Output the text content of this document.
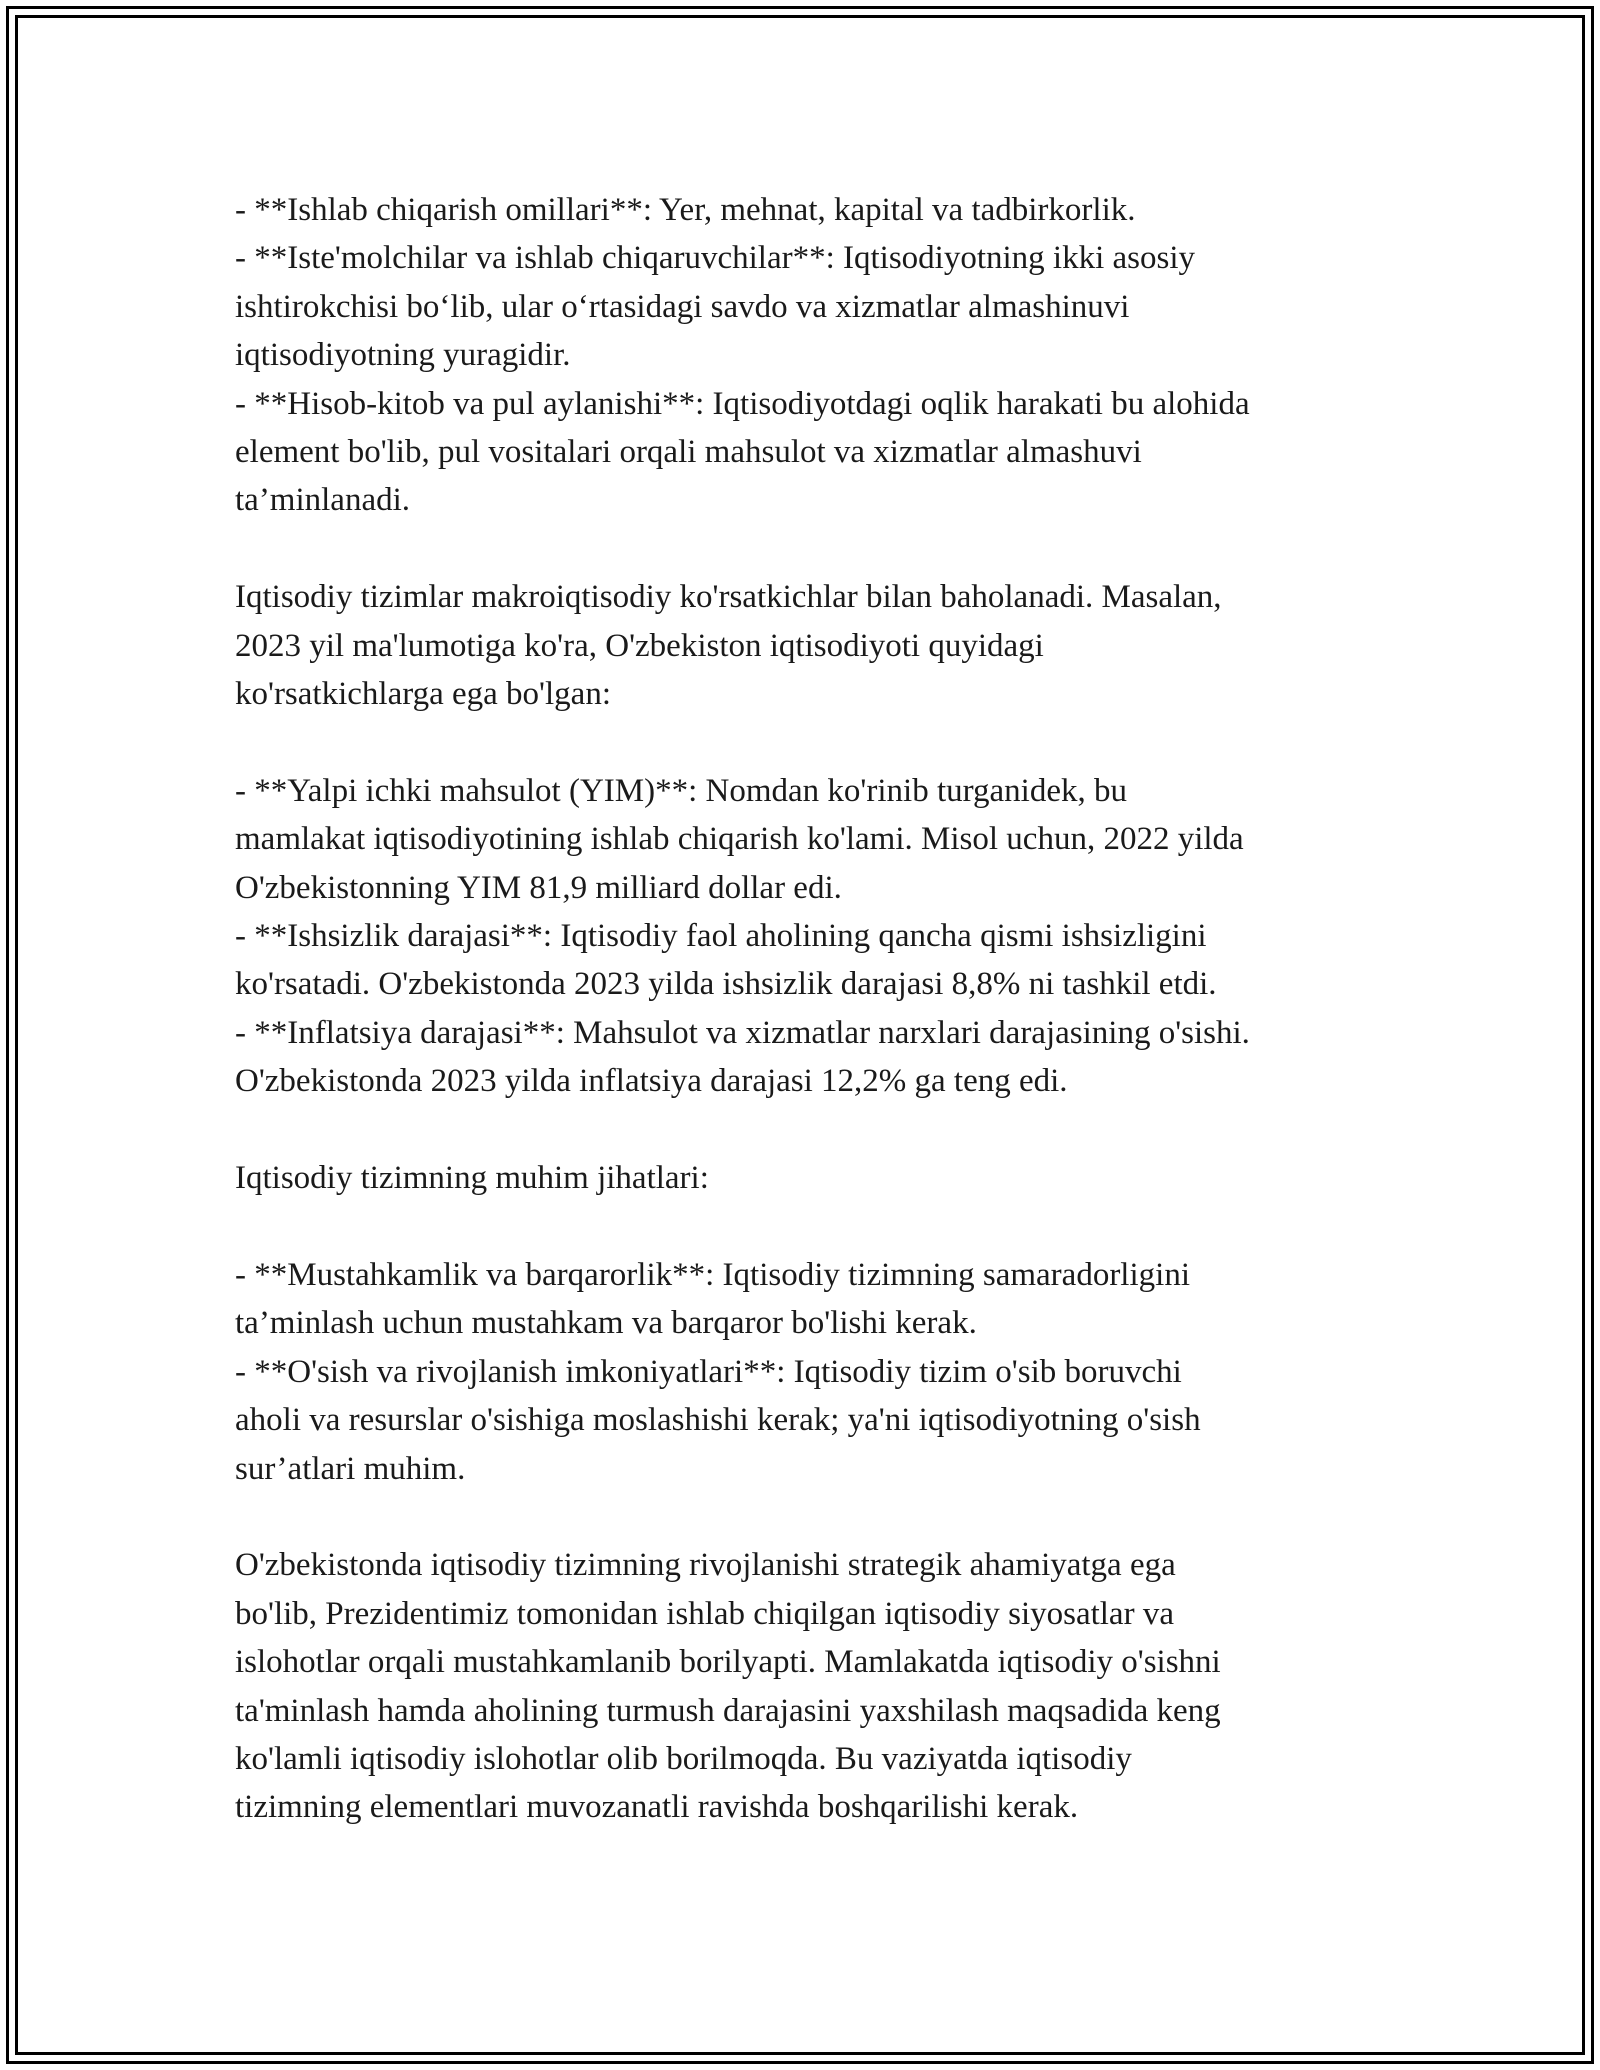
- **Ishlab chiqarish omillari**: Yer, mehnat, kapital va tadbirkorlik.

- **Iste'molchilar va ishlab chiqaruvchilar**: Iqtisodiyotning ikki asosiy
ishtirokchisi bo‘lib, ular o‘rtasidagi savdo va xizmatlar almashinuvi
iqtisodiyotning yuragidir.

- **Hisob-kitob va pul aylanishi**: Iqtisodiyotdagi oqlik harakati bu alohida
element bo'lib, pul vositalari orqali mahsulot va xizmatlar almashuvi
ta’minlanadi.

Iqtisodiy tizimlar makroiqtisodiy ko'rsatkichlar bilan baholanadi. Masalan,
2023 yil ma'lumotiga ko'ra, O'zbekiston iqtisodiyoti quyidagi
ko'rsatkichlarga ega bo'lgan:

- **Yalpi ichki mahsulot (YIM)**: Nomdan ko'rinib turganidek, bu
mamlakat iqtisodiyotining ishlab chiqarish ko'lami. Misol uchun, 2022 yilda
O'zbekistonning YIM 81,9 milliard dollar edi.

- **Ishsizlik darajasi**: Iqtisodiy faol aholining qancha qismi ishsizligini
ko'rsatadi. O'zbekistonda 2023 yilda ishsizlik darajasi 8,8% ni tashkil etdi.

- **Inflatsiya darajasi**: Mahsulot va xizmatlar narxlari darajasining o'sishi.
O'zbekistonda 2023 yilda inflatsiya darajasi 12,2% ga teng edi.

Iqtisodiy tizimning muhim jihatlari:

- **Mustahkamlik va barqarorlik**: Iqtisodiy tizimning samaradorligini
ta’minlash uchun mustahkam va barqaror bo'lishi kerak.

- **O'sish va rivojlanish imkoniyatlari**: Iqtisodiy tizim o'sib boruvchi
aholi va resurslar o'sishiga moslashishi kerak; ya'ni iqtisodiyotning o'sish
sur’atlari muhim.

O'zbekistonda iqtisodiy tizimning rivojlanishi strategik ahamiyatga ega
bo'lib, Prezidentimiz tomonidan ishlab chiqilgan iqtisodiy siyosatlar va
islohotlar orqali mustahkamlanib borilyapti. Mamlakatda iqtisodiy o'sishni
ta'minlash hamda aholining turmush darajasini yaxshilash maqsadida keng
ko'lamli iqtisodiy islohotlar olib borilmoqda. Bu vaziyatda iqtisodiy
tizimning elementlari muvozanatli ravishda boshqarilishi kerak.
